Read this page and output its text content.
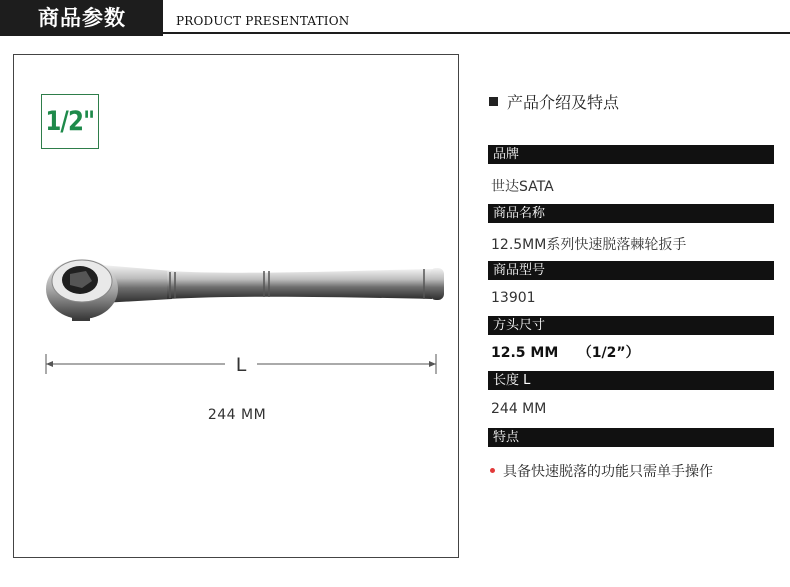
商品参数	PRODUCT PRESENTATION
1/2"
L
244 MM
产品介绍及特点
品牌
世达SATA
商品名称
12.5MM系列快速脱落棘轮扳手
商品型号
13901
方头尺寸
12.5 MM    （1/2”）
长度 L
244 MM
特点
具备快速脱落的功能只需单手操作
